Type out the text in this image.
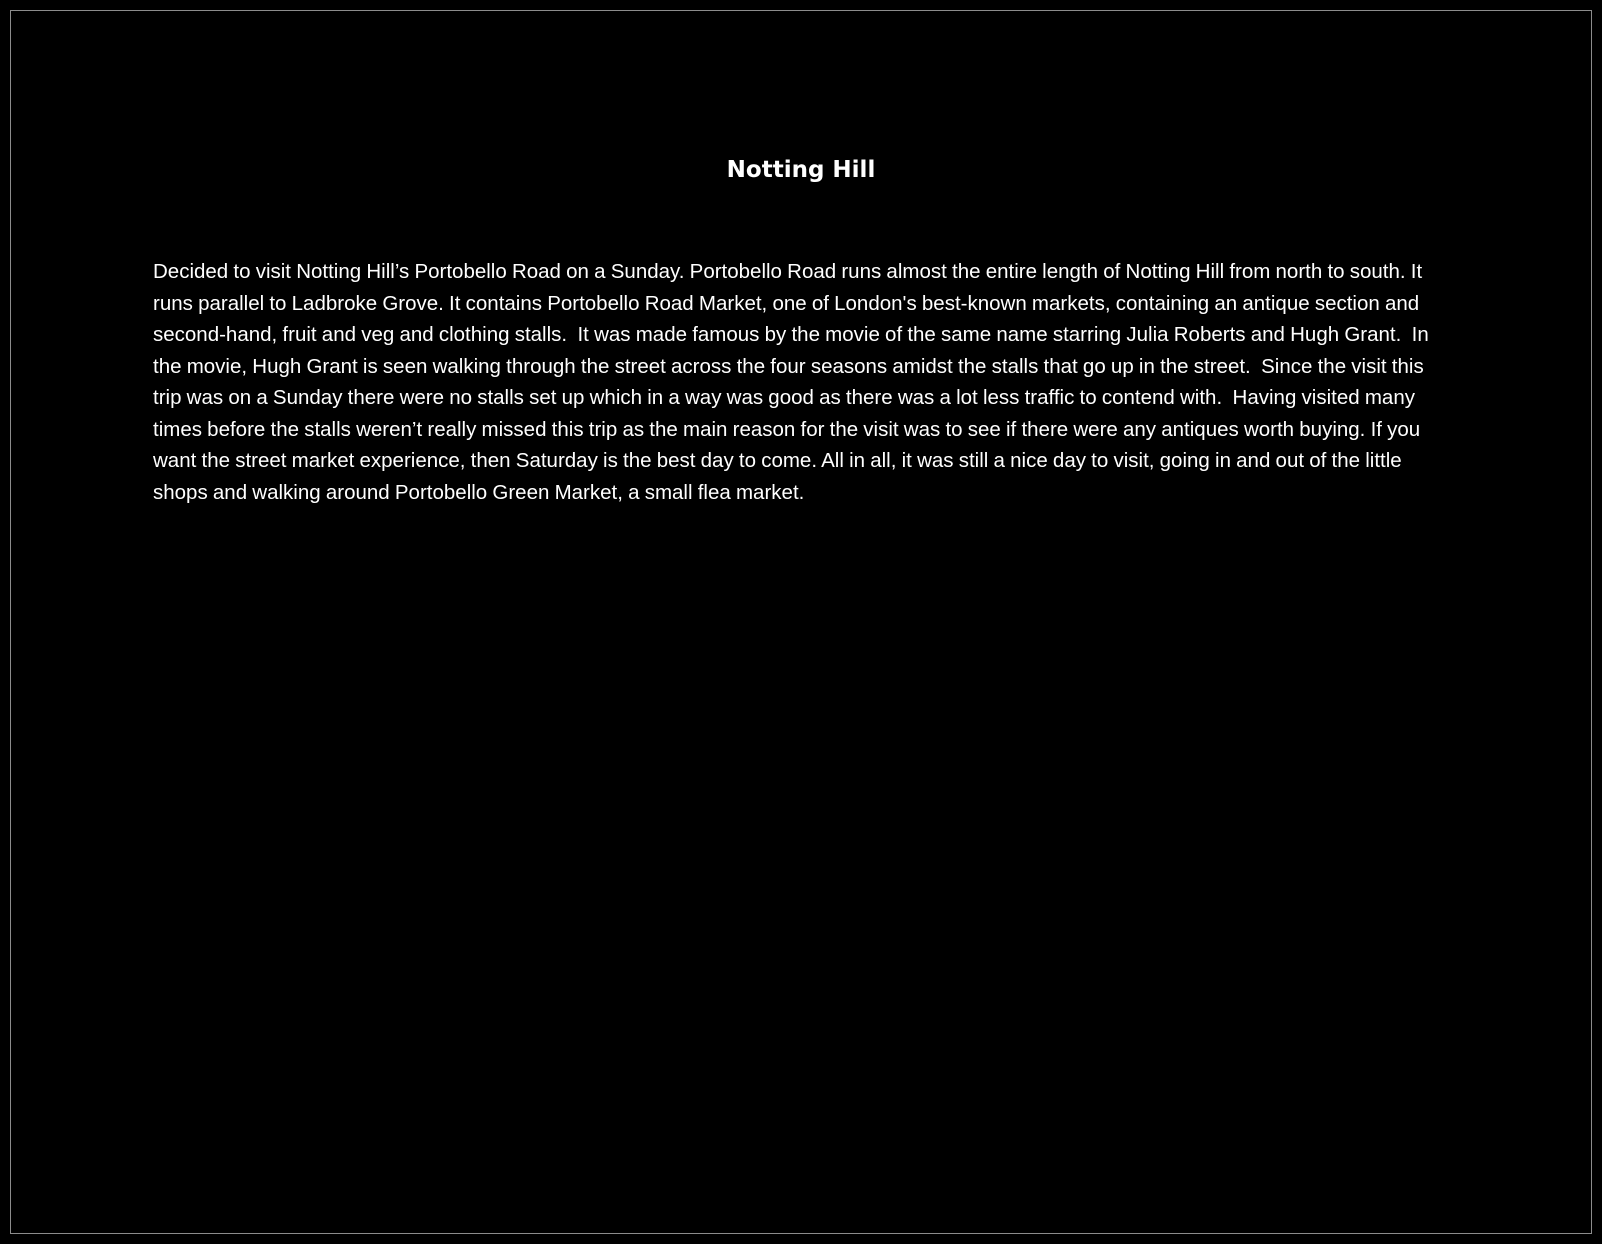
Notting Hill

Decided to visit Notting Hill’s Portobello Road on a Sunday. Portobello Road runs almost the entire length of Notting Hill from north to south. It runs parallel to Ladbroke Grove. It contains Portobello Road Market, one of London's best-known markets, containing an antique section and second-hand, fruit and veg and clothing stalls.  It was made famous by the movie of the same name starring Julia Roberts and Hugh Grant.  In the movie, Hugh Grant is seen walking through the street across the four seasons amidst the stalls that go up in the street.  Since the visit this trip was on a Sunday there were no stalls set up which in a way was good as there was a lot less traffic to contend with.  Having visited many times before the stalls weren’t really missed this trip as the main reason for the visit was to see if there were any antiques worth buying. If you want the street market experience, then Saturday is the best day to come. All in all, it was still a nice day to visit, going in and out of the little shops and walking around Portobello Green Market, a small flea market.
